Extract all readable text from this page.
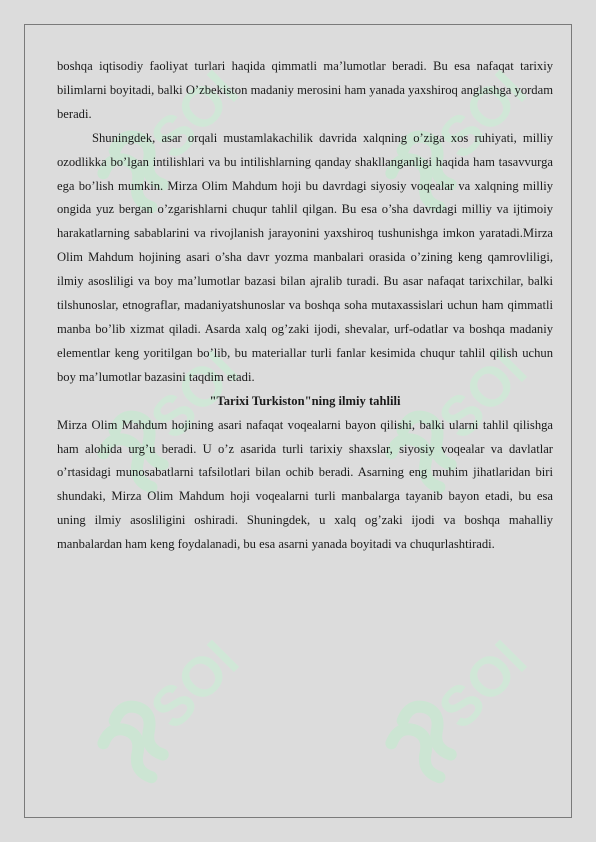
SOFF SOFF
SOFF SOFF
SOFF SOFF

boshqa iqtisodiy faoliyat turlari haqida qimmatli ma’lumotlar beradi. Bu esa nafaqat tarixiy bilimlarni boyitadi, balki O’zbekiston madaniy merosini ham yanada yaxshiroq anglashga yordam beradi.

Shuningdek, asar orqali mustamlakachilik davrida xalqning o’ziga xos ruhiyati, milliy ozodlikka bo’lgan intilishlari va bu intilishlarning qanday shakllanganligi haqida ham tasavvurga ega bo’lish mumkin. Mirza Olim Mahdum hoji bu davrdagi siyosiy voqealar va xalqning milliy ongida yuz bergan o’zgarishlarni chuqur tahlil qilgan. Bu esa o’sha davrdagi milliy va ijtimoiy harakatlarning sabablarini va rivojlanish jarayonini yaxshiroq tushunishga imkon yaratadi.Mirza Olim Mahdum hojining asari o’sha davr yozma manbalari orasida o’zining keng qamrovliligi, ilmiy asosliligi va boy ma’lumotlar bazasi bilan ajralib turadi. Bu asar nafaqat tarixchilar, balki tilshunoslar, etnograflar, madaniyatshunoslar va boshqa soha mutaxassislari uchun ham qimmatli manba bo’lib xizmat qiladi. Asarda xalq og’zaki ijodi, shevalar, urf-odatlar va boshqa madaniy elementlar keng yoritilgan bo’lib, bu materiallar turli fanlar kesimida chuqur tahlil qilish uchun boy ma’lumotlar bazasini taqdim etadi.

"Tarixi Turkiston"ning ilmiy tahlili

Mirza Olim Mahdum hojining asari nafaqat voqealarni bayon qilishi, balki ularni tahlil qilishga ham alohida urg’u beradi. U o’z asarida turli tarixiy shaxslar, siyosiy voqealar va davlatlar o’rtasidagi munosabatlarni tafsilotlari bilan ochib beradi. Asarning eng muhim jihatlaridan biri shundaki, Mirza Olim Mahdum hoji voqealarni turli manbalarga tayanib bayon etadi, bu esa uning ilmiy asosliligini oshiradi. Shuningdek, u xalq og’zaki ijodi va boshqa mahalliy manbalardan ham keng foydalanadi, bu esa asarni yanada boyitadi va chuqurlashtiradi.
